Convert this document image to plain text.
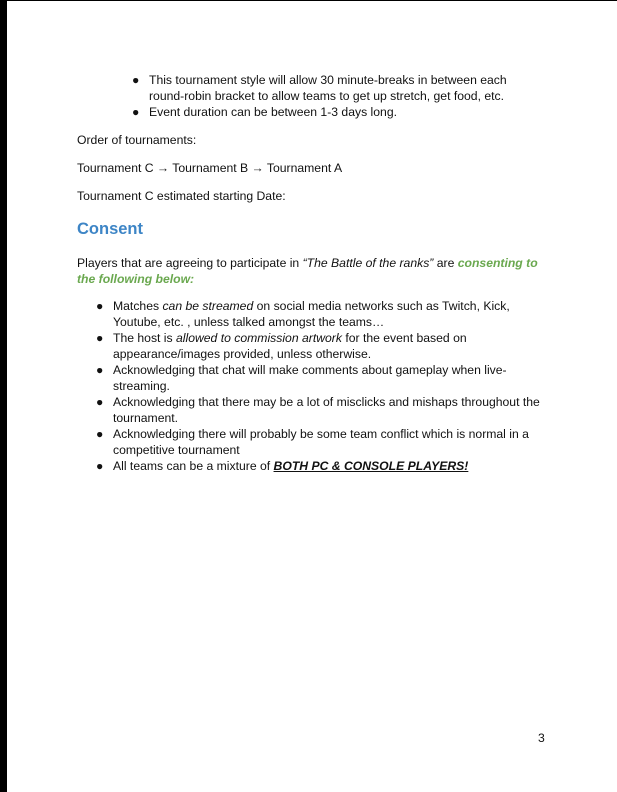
● This tournament style will allow 30 minute-breaks in between each round-robin bracket to allow teams to get up stretch, get food, etc.
● Event duration can be between 1-3 days long.

Order of tournaments:

Tournament C → Tournament B → Tournament A

Tournament C estimated starting Date:

Consent

Players that are agreeing to participate in “The Battle of the ranks” are consenting to the following below:

● Matches can be streamed on social media networks such as Twitch, Kick, Youtube, etc. , unless talked amongst the teams…
● The host is allowed to commission artwork for the event based on appearance/images provided, unless otherwise.
● Acknowledging that chat will make comments about gameplay when live-streaming.
● Acknowledging that there may be a lot of misclicks and mishaps throughout the tournament.
● Acknowledging there will probably be some team conflict which is normal in a competitive tournament
● All teams can be a mixture of BOTH PC & CONSOLE PLAYERS!

3
